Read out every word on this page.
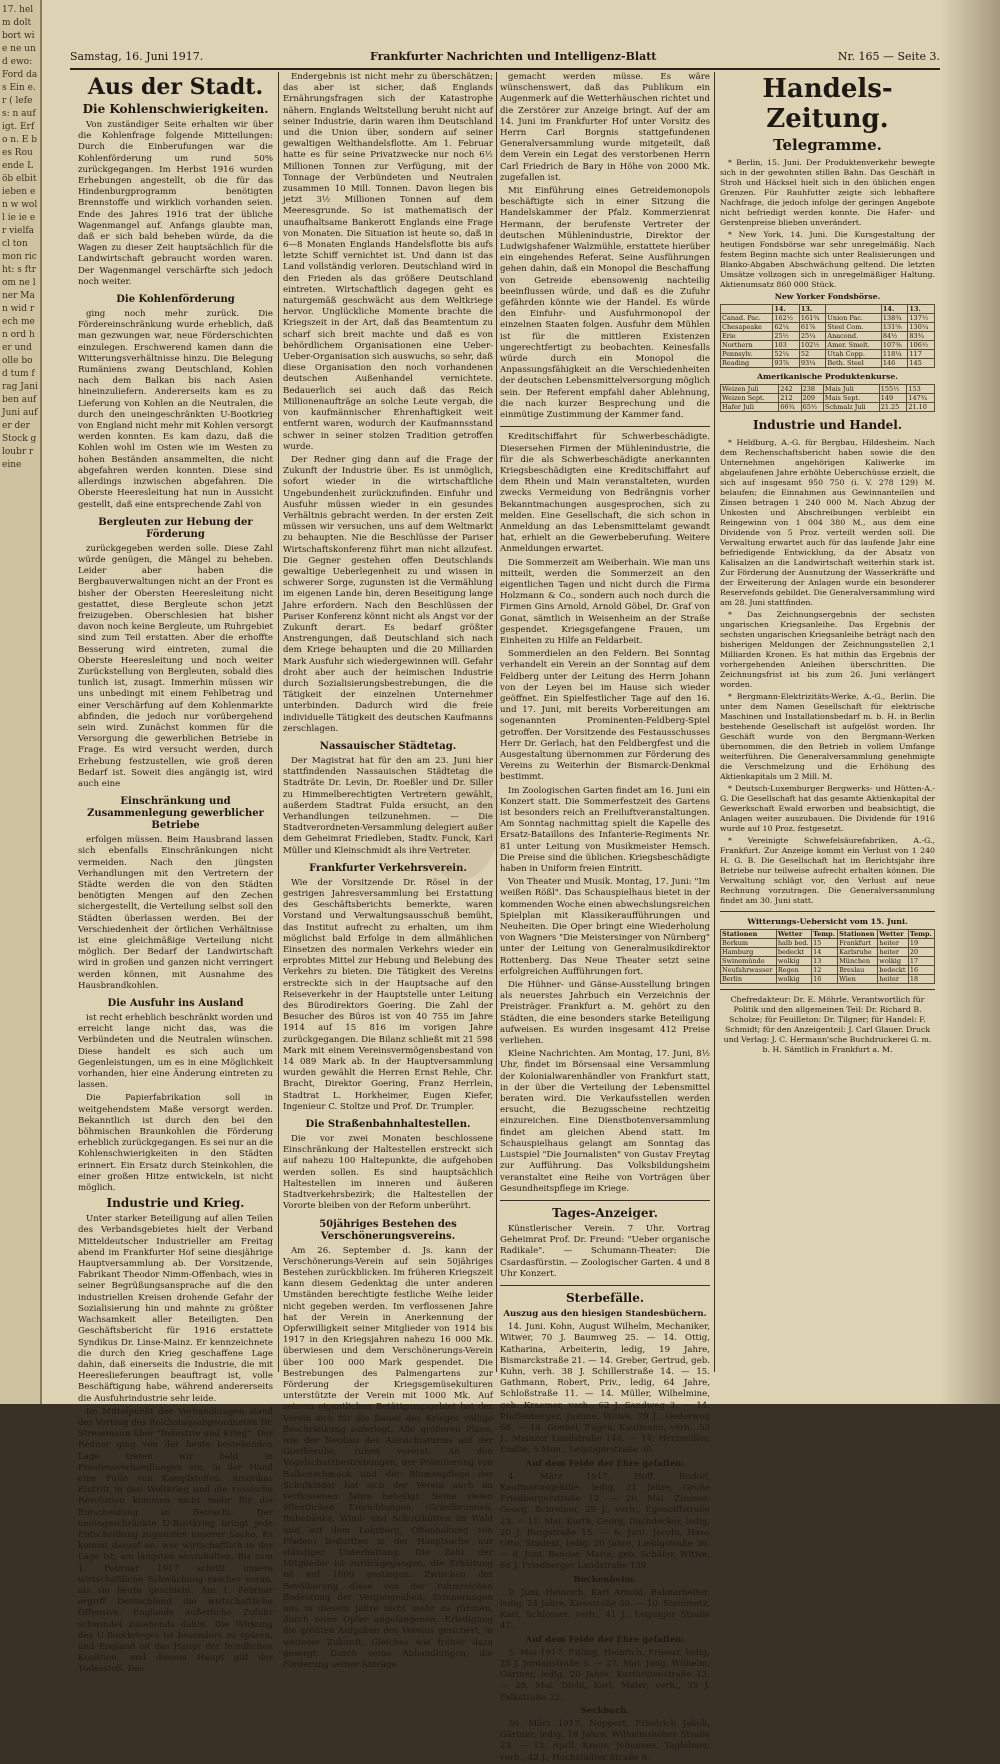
17. helm dolt bort wie ne und ewo: Ford das Ein e. r ( lefes: n auf igt. Erfo n. E bes Rou ende Löb elbit ieben en w wol l ie ie er vielfacl ton mon richt: s ftrom ne l ner Man wid rech men ord her und olle bod tum frag Jani ben auf Juni auf er der Stock gloubr reine

Samstag, 16. Juni 1917.	Frankfurter Nachrichten und Intelligenz-Blatt	Nr. 165 — Seite 3.
Aus der Stadt.
Die Kohlenschwierigkeiten.

Von zuständiger Seite erhalten wir über die Kohlenfrage folgende Mitteilungen: Durch die Einberufungen war die Kohlenförderung um rund 50% zurückgegangen. Im Herbst 1916 wurden Erhebungen angestellt, ob die für das Hindenburgprogramm benötigten Brennstoffe und wirklich vorhanden seien. Ende des Jahres 1916 trat der übliche Wagenmangel auf. Anfangs glaubte man, daß er sich bald beheben würde, da die Wagen zu dieser Zeit hauptsächlich für die Landwirtschaft gebraucht worden waren. Der Wagenmangel verschärfte sich jedoch noch weiter.

Die Kohlenförderung

ging noch mehr zurück. Die Fördereinschränkung wurde erheblich, daß man gezwungen war, neue Förderschichten einzulegen. Erschwerend kamen dann die Witterungsverhältnisse hinzu. Die Belegung Rumäniens zwang Deutschland, Kohlen nach dem Balkan bis nach Asien hineinzuliefern. Andererseits kam es zu Lieferung von Kohlen an die Neutralen, die durch den uneingeschränkten U-Bootkrieg von England nicht mehr mit Kohlen versorgt werden konnten. Es kam dazu, daß die Kohlen wohl im Osten wie im Westen zu hohen Beständen ansammelten, die nicht abgefahren werden konnten. Diese sind allerdings inzwischen abgefahren. Die Oberste Heeresleitung hat nun in Aussicht gestellt, daß eine entsprechende Zahl von

Bergleuten zur Hebung der Förderung

zurückgegeben werden solle. Diese Zahl würde genügen, die Mängel zu beheben. Leider aber haben die Bergbauverwaltungen nicht an der Front es bisher der Obersten Heeresleitung nicht gestattet, diese Bergleute schon jetzt freizugeben. Oberschlesien hat bisher davon noch keine Bergleute, um Ruhrgebiet sind zum Teil erstatten. Aber die erhoffte Besserung wird eintreten, zumal die Oberste Heeresleitung und noch weiter Zurückstellung von Bergleuten, sobald dies tunlich ist, zusagt. Immerhin müssen wir uns unbedingt mit einem Fehlbetrag und einer Verschärfung auf dem Kohlenmarkte abfinden, die jedoch nur vorübergehend sein wird. Zunächst kommen für die Versorgung die gewerblichen Betriebe in Frage. Es wird versucht werden, durch Erhebung festzustellen, wie groß deren Bedarf ist. Soweit dies angängig ist, wird auch eine

Einschränkung und Zusammenlegung gewerblicher Betriebe

erfolgen müssen. Beim Hausbrand lassen sich ebenfalls Einschränkungen nicht vermeiden. Nach den jüngsten Verhandlungen mit den Vertretern der Städte werden die von den Städten benötigten Mengen auf den Zechen sichergestellt, die Verteilung selbst soll den Städten überlassen werden. Bei der Verschiedenheit der örtlichen Verhältnisse ist eine gleichmäßige Verteilung nicht möglich. Der Bedarf der Landwirtschaft wird in großen und ganzen nicht verringert werden können, mit Ausnahme des Hausbrandkohlen.

Die Ausfuhr ins Ausland

ist recht erheblich beschränkt worden und erreicht lange nicht das, was die Verbündeten und die Neutralen wünschen. Diese handelt es sich auch um Gegenleistungen, um es in eine Möglichkeit vorhanden, hier eine Änderung eintreten zu lassen.

Die Papierfabrikation soll in weitgehendstem Maße versorgt werden. Bekanntlich ist durch den bei den böhmischen Braunkohlen die Förderung erheblich zurückgegangen. Es sei nur an die Kohlenschwierigkeiten in den Städten erinnert. Ein Ersatz durch Steinkohlen, die einer großen Hitze entwickeln, ist nicht möglich.

Industrie und Krieg.

Unter starker Beteiligung auf allen Teilen des Verbandsgebietes hielt der Verband Mitteldeutscher Industrieller am Freitag abend im Frankfurter Hof seine diesjährige Hauptversammlung ab. Der Vorsitzende, Fabrikant Theodor Nimm-Offenbach, wies in seiner Begrüßungsansprache auf die den industriellen Kreisen drohende Gefahr der Sozialisierung hin und mahnte zu größter Wachsamkeit aller Beteiligten. Den Geschäftsbericht für 1916 erstattete Syndikus Dr. Linse-Mainz. Er kennzeichnete die durch den Krieg geschaffene Lage dahin, daß einerseits die Industrie, die mit Heereslieferungen beauftragt ist, volle Beschäftigung habe, während andererseits die Ausfuhrindustrie sehr leide.

Im Mittelpunkt der Verhandlungen stand der Vortrag des Reichstagsabgeordneten Dr. Stresemann über "Industrie und Krieg". Der Redner ging von der heute bestehenden Lage treten wir bald in Friedensverhandlungen ein, in der Hand eine Fülle von Kampfstoffen. Amerikas Eintritt in den Weltkrieg und die russische Revolution kommen nicht mehr für die Entscheidung in Betracht. Der uneingeschränkte U-Bootkrieg bringt jede Entscheidung zugunsten unserer Sache. Es kommt darauf an, wer wirtschaftlich in der Lage ist, am längsten auszuhalten. Bis zum 1. Februar 1917 schritt unsere wirtschaftliche Schwächung rascher voran, als sie heute geschieht. Am 1. Februar ergriff Deutschland die wirtschaftliche Offensive. Englands äußerliche Zufuhr schwindet zusehends dahin. Die Wirkung des U-Bootkrieges ist besonders zu spüren, und England ist das Haupt der feindlichen Koalition, und diesem Haupt gilt der Todesstoß. Das

Endergebnis ist nicht mehr zu überschätzen; das aber ist sicher, daß Englands Ernährungsfragen sich der Katastrophe nähern. Englands Weltstellung beruht nicht auf seiner Industrie, darin waren ihm Deutschland und die Union über, sondern auf seiner gewaltigen Welthandelsflotte. Am 1. Februar hatte es für seine Privatzwecke nur noch 6½ Millionen Tonnen zur Verfügung, mit der Tonnage der Verbündeten und Neutralen zusammen 10 Mill. Tonnen. Davon liegen bis jetzt 3½ Millionen Tonnen auf dem Meeresgrunde. So ist mathematisch der unaufhaltsame Bankerott Englands eine Frage von Monaten. Die Situation ist heute so, daß in 6—8 Monaten Englands Handelsflotte bis aufs letzte Schiff vernichtet ist. Und dann ist das Land vollständig verloren. Deutschland wird in den Frieden als das größere Deutschland eintreten. Wirtschaftlich dagegen geht es naturgemäß geschwächt aus dem Weltkriege hervor. Unglückliche Momente brachte die Kriegszeit in der Art, daß das Beamtentum zu scharf sich breit machte und daß es von behördlichem Organisationen eine Ueber-Ueber-Organisation sich auswuchs, so sehr, daß diese Organisation den noch vorhandenen deutschen Außenhandel vernichtete. Bedauerlich sei auch daß das Reich Millionenaufträge an solche Leute vergab, die von kaufmännischer Ehrenhaftigkeit weit entfernt waren, wodurch der Kaufmannsstand schwer in seiner stolzen Tradition getroffen wurde.

Der Redner ging dann auf die Frage der Zukunft der Industrie über. Es ist unmöglich, sofort wieder in die wirtschaftliche Ungebundenheit zurückzufinden. Einfuhr und Ausfuhr müssen wieder in ein gesundes Verhältnis gebracht werden. In der ersten Zeit müssen wir versuchen, uns auf dem Weltmarkt zu behaupten. Nie die Beschlüsse der Pariser Wirtschaftskonferenz führt man nicht allzufest. Die Gegner gestehen offen Deutschlands gewaltige Ueberlegenheit zu und wissen in schwerer Sorge, zugunsten ist die Vermählung im eigenen Lande bin, deren Beseitigung lange Jahre erfordern. Nach den Beschlüssen der Pariser Konferenz könnt nicht als Angst vor der Zukunft derart. Es bedarf größter Anstrengungen, daß Deutschland sich nach dem Kriege behaupten und die 20 Milliarden Mark Ausfuhr sich wiedergewinnen will. Gefahr droht aber auch der heimischen Industrie durch Sozialisierungsbestrebungen, die die Tätigkeit der einzelnen Unternehmer unterbinden. Dadurch wird die freie individuelle Tätigkeit des deutschen Kaufmanns zerschlagen.

Nassauischer Städtetag.

Der Magistrat hat für den am 23. Juni hier stattfindenden Nassauischen Städtetag die Stadträte Dr. Levin, Dr. Roeßler und Dr. Siller zu Himmelberechtigten Vertretern gewählt, außerdem Stadtrat Fulda ersucht, an den Verhandlungen teilzunehmen. — Die Stadtverordneten-Versammlung delegiert außer dem Geheimrat Friedleben, Stadtv. Funck, Karl Müller und Kleinschmidt als ihre Vertreter.

Frankfurter Verkehrsverein.

Wie der Vorsitzende Dr. Rösel in der gestrigen Jahresversammlung bei Erstattung des Geschäftsberichts bemerkte, waren Vorstand und Verwaltungsausschuß bemüht, das Institut aufrecht zu erhalten, um ihm möglichst bald Erfolge in dem allmählichen Einsetzen des normalen Verkehrs wieder ein erprobtes Mittel zur Hebung und Belebung des Verkehrs zu bieten. Die Tätigkeit des Vereins erstreckte sich in der Hauptsache auf den Reiseverkehr in der Hauptstelle unter Leitung des Bürodirektors Goering. Die Zahl der Besucher des Büros ist von 40 755 im Jahre 1914 auf 15 816 im vorigen Jahre zurückgegangen. Die Bilanz schließt mit 21 598 Mark mit einem Vereinsvermögensbestand von 14 089 Mark ab. In der Hauptversammlung wurden gewählt die Herren Ernst Rehle, Chr. Bracht, Direktor Goering, Franz Herrlein, Stadtrat L. Horkheimer, Eugen Kiefer, Ingenieur C. Stoltze und Prof. Dr. Trumpler.

Die Straßenbahnhaltestellen.

Die vor zwei Monaten beschlossene Einschränkung der Haltestellen erstreckt sich auf nahezu 100 Haltepunkte, die aufgehoben werden sollen. Es sind hauptsächlich Haltestellen im inneren und äußeren Stadtverkehrsbezirk; die Haltestellen der Vororte bleiben von der Reform unberührt.

50jähriges Bestehen des Verschönerungsvereins.

Am 26. September d. Js. kann der Verschönerungs-Verein auf sein 50jähriges Bestehen zurückblicken. Im früheren Kriegszeit kann diesem Gedenktag die unter anderen Umständen berechtigte festliche Weihe leider nicht gegeben werden. Im verflossenen Jahre hat der Verein in Anerkennung der Opferwilligkeit seiner Mitglieder von 1914 bis 1917 in den Kriegsjahren nahezu 16 000 Mk. überwiesen und dem Verschönerungs-Verein über 100 000 Mark gespendet. Die Bestrebungen des Palmengartens zur Förderung der Kriegsgemüsekulturen unterstützte der Verein mit 1000 Mk. Auf seinem eigentlichen Betätigungsgebiet hat der Verein sich für die Dauer des Krieges völlige Beschränkung auferlegt. Alle größeren Pläne, wie der Neubau des Aussichtsturms auf der Goetheruhe, ruhen vorerst. An den Vogelschutzbestrebungen, der Prämiierung von Balkonschmuck und der Blumenpflege der Schulkinder hat sich der Verein auch im verflossenen Jahre beteiligt. Seine vielen öffentlichen Einrichtungen (Grindbrunnen, Ruhebänke, Wind- und Schutzhütten im Wald und auf dem Lohrberg, Offenhaltung von Pfaden) bedurften in der Hauptsache nur ständiger Unterhaltung. Die Zahl der Mitglieder ist zurückgegangen, die Erkältung ist auf 1000 gestiegen. Zwischen der Bevölkerung diese von der ruhmreichen Bedeutung der Vergangenheit, Erinnerungen uns in diesem Jahre nicht mehr zu rühmen, durch seine Opfer angefangenen. Erledigung die größten Aufgaben des Vereins gesichert, in weiterer Zukunft, Gleiches wie früher dazu gesorgt. Durch seine Abhandlungen, die Förderung seiner Anträge

gemacht werden müsse. Es wäre wünschenswert, daß das Publikum ein Augenmerk auf die Wetterhäuschen richtet und die Zerstörer zur Anzeige bringt. Auf der am 14. Juni im Frankfurter Hof unter Vorsitz des Herrn Carl Borgnis stattgefundenen Generalversammlung wurde mitgeteilt, daß dem Verein ein Legat des verstorbenen Herrn Carl Friedrich de Bary in Höhe von 2000 Mk. zugefallen ist.

Mit Einführung eines Getreidemonopols beschäftigte sich in einer Sitzung die Handelskammer der Pfalz. Kommerzienrat Hermann, der berufenste Vertreter der deutschen Mühlenindustrie, Direktor der Ludwigshafener Walzmühle, erstattete hierüber ein eingehendes Referat. Seine Ausführungen gehen dahin, daß ein Monopol die Beschaffung von Getreide ebensowenig nachteilig beeinflussen würde, und daß es die Zufuhr gefährden könnte wie der Handel. Es würde den Einfuhr- und Ausfuhrmonopol der einzelnen Staaten folgen. Ausfuhr dem Mühlen ist für die mittleren Existenzen ungerechtfertigt zu beobachten. Keinesfalls würde durch ein Monopol die Anpassungsfähigkeit an die Verschiedenheiten der deutschen Lebensmittelversorgung möglich sein. Der Referent empfahl daher Ablehnung, die nach kurzer Besprechung und die einmütige Zustimmung der Kammer fand.

Kreditschiffahrt für Schwerbeschädigte. Diesersehen Firmen der Mühlenindustrie, die für die als Schwerbeschädigte anerkannten Kriegsbeschädigten eine Kreditschiffahrt auf dem Rhein und Main veranstalteten, wurden zwecks Vermeidung von Bedrängnis vorher Bekanntmachungen ausgesprochen, sich zu melden. Eine Gesellschaft, die sich schon in Anmeldung an das Lebensmittelamt gewandt hat, erhielt an die Gewerbeberufung. Weitere Anmeldungen erwartet.

Die Sommerzeit am Weiberhain. Wie man uns mitteilt, werden die Sommerzeit an den eigentlichen Tagen und nicht durch die Firma Holzmann & Co., sondern auch noch durch die Firmen Gins Arnold, Arnold Göbel, Dr. Graf von Gonat, sämtlich in Weisenheim an der Straße gespendet. Kriegsgefangene Frauen, um Einheiten zu Hilfe an Feldarbeit.

Sommerdielen an den Feldern. Bei Sonntag verhandelt ein Verein an der Sonntag auf dem Feldberg unter der Leitung des Herrn Johann von der Leyen bei im Hause sich wieder geöffnet. Ein Spielfestlicher Tage auf den 16. und 17. Juni, mit bereits Vorbereitungen am sogenannten Prominenten-Feldberg-Spiel getroffen. Der Vorsitzende des Festausschusses Herr Dr. Gerlach, hat den Feldbergfest und die Ausgestaltung übernommen zur Förderung des Vereins zu Weiterhin der Bismarck-Denkmal bestimmt.

Im Zoologischen Garten findet am 16. Juni ein Konzert statt. Die Sommerfestzeit des Gartens ist besonders reich an Freiluftveranstaltungen. Am Sonntag nachmittag spielt die Kapelle des Ersatz-Bataillons des Infanterie-Regiments Nr. 81 unter Leitung von Musikmeister Hemsch. Die Preise sind die üblichen. Kriegsbeschädigte haben in Uniform freien Eintritt.

Von Theater und Musik. Montag, 17. Juni: "Im weißen Rößl". Das Schauspielhaus bietet in der kommenden Woche einen abwechslungsreichen Spielplan mit Klassikeraufführungen und Neuheiten. Die Oper bringt eine Wiederholung von Wagners "Die Meistersinger von Nürnberg" unter der Leitung von Generalmusikdirektor Rottenberg. Das Neue Theater setzt seine erfolgreichen Aufführungen fort.

Die Hühner- und Gänse-Ausstellung bringen als neuerstes Jahrbuch ein Verzeichnis der Preisträger. Frankfurt a. M. gehört zu den Städten, die eine besonders starke Beteiligung aufweisen. Es wurden insgesamt 412 Preise verliehen.

Kleine Nachrichten. Am Montag, 17. Juni, 8½ Uhr, findet im Börsensaal eine Versammlung der Kolonialwarenhändler von Frankfurt statt, in der über die Verteilung der Lebensmittel beraten wird. Die Verkaufsstellen werden ersucht, die Bezugsscheine rechtzeitig einzureichen. Eine Dienstbotenversammlung findet am gleichen Abend statt. Im Schauspielhaus gelangt am Sonntag das Lustspiel "Die Journalisten" von Gustav Freytag zur Aufführung. Das Volksbildungsheim veranstaltet eine Reihe von Vorträgen über Gesundheitspflege im Kriege.

Tages-Anzeiger.

Künstlerischer Verein. 7 Uhr. Vortrag Geheimrat Prof. Dr. Freund: "Ueber organische Radikale". — Schumann-Theater: Die Csardasfürstin. — Zoologischer Garten. 4 und 8 Uhr Konzert.

Sterbefälle.

Auszug aus den hiesigen Standesbüchern.

14. Juni. Kohn, August Wilhelm, Mechaniker, Witwer, 70 J. Baumweg 25. — 14. Ottig, Katharina, Arbeiterin, ledig, 19 Jahre, Bismarckstraße 21. — 14. Greber, Gertrud, geb. Kuhn, verh. 38 J. Schillerstraße 14. — 15. Gathmann, Robert, Priv., ledig, 64 Jahre, Schloßstraße 11. — 14. Müller, Wilhelmine, geb. Kraemer, verh., 62 J. Sandweg 3. — 14. Pfaffenberger, Justine, Witwe, 79 J., Oederweg 68. — 14. Goebel, Eugen, Kaufmann, verh., 53 J., Mainzer Landstraße 148. — 14. Herzmüller, Emilie, 5 Mon., Leipzigerstraße 30.

Auf dem Felde der Ehre gefallen:

4. März 1917. Hoff, Rudolf, Kaufmannsgehilfe, ledig, 21 Jahre, Große Friedbergerstraße 12. — 20. Mai. Zimmer, Georg, Schreiner, 29 J., verh., Egenolffstraße 23. — 11. Mai. Kurth, Georg, Dachdecker, ledig, 20 J. Burgstraße 15. — 6. Juni. Jacobi, Hans Otto, Student, ledig, 20 Jahre, Liebigstraße 36. — 8. Juni. Bender, Marie, geb. Schäfer, Witwe, 68 J. Friedberger Landstraße 139.

Bockenheim.

9. Juni. Heinrich, Karl Arnold, Bahnarbeiter, ledig, 24 Jahre, Kiesstraße 30. — 10. Steinmetz, Karl, Schlosser, verh., 41 J., Leipziger Straße 47.

Auf dem Felde der Ehre gefallen:

3. Mai 1917. Eitling, Heinrich, Friseur, ledig, 25 J. Jordanstraße 5. — 27. Mai. Jung, Wilhelm, Gärtner, ledig, 20 Jahre, Kurfürstenstraße 12. — 28. Mai. Diehl, Karl, Maler, verh., 33 J. Falkstraße 22.

Seckbach.

30. März 1917. Nuppert, Friedrich Jakob, Gärtner, ledig, 18 Jahre, Wilhelmshöher Straße 23. — 12. April. Kraus, Johannes, Taglöhner, verh., 42 J., Hochstädter Straße 8.

Handels-Zeitung.
Telegramme.

* Berlin, 15. Juni. Der Produktenverkehr bewegte sich in der gewohnten stillen Bahn. Das Geschäft in Stroh und Häcksel hielt sich in den üblichen engen Grenzen. Für Rauhfutter zeigte sich lebhaftere Nachfrage, die jedoch infolge der geringen Angebote nicht befriedigt werden konnte. Die Hafer- und Gerstenpreise blieben unverändert.

* New York, 14. Juni. Die Kursgestaltung der heutigen Fondsbörse war sehr unregelmäßig. Nach festem Beginn machte sich unter Realisierungen und Blanko-Abgaben Abschwächung geltend. Die letzten Umsätze vollzogen sich in unregelmäßiger Haltung. Aktienumsatz 860 000 Stück.

New Yorker Fondsbörse.

	14.	13.		14.	13.
Canad. Pac.	162½	161¾	Union Pac.	138¾	137½
Chesapeake	62¼	61⅞	Steel Com.	131⅝	130¼
Erie	25½	25¼	Anacond.	84½	83¾
Northern	103	102½	Amer. Smelt.	107⅜	106½
Pennsylv.	52¼	52	Utah Copp.	118¼	117
Reading	93⅞	93¼	Beth. Steel	146	145

Amerikanische Produktenkurse.

Weizen Juli	242	238	Mais Juli	155½	153
Weizen Sept.	212	209	Mais Sept.	149	147¾
Hafer Juli	66¾	65½	Schmalz Juli	21.25	21.10
Industrie und Handel.

* Heldburg, A.-G. für Bergbau, Hildesheim. Nach dem Rechenschaftsbericht haben sowie die den Unternehmen angehörigen Kaliwerke im abgelaufenen Jahre erhöhte Ueberschüsse erzielt, die sich auf insgesamt 950 750 (i. V. 278 129) M. belaufen; die Einnahmen aus Gewinnanteilen und Zinsen betragen 1 240 000 M. Nach Abzug der Unkosten und Abschreibungen verbleibt ein Reingewinn von 1 004 380 M., aus dem eine Dividende von 5 Proz. verteilt werden soll. Die Verwaltung erwartet auch für das laufende Jahr eine befriedigende Entwicklung, da der Absatz von Kalisalzen an die Landwirtschaft weiterhin stark ist. Zur Förderung der Ausnutzung der Wasserkräfte und der Erweiterung der Anlagen wurde ein besonderer Reservefonds gebildet. Die Generalversammlung wird am 28. Juni stattfinden.

* Das Zeichnungsergebnis der sechsten ungarischen Kriegsanleihe. Das Ergebnis der sechsten ungarischen Kriegsanleihe beträgt nach den bisherigen Meldungen der Zeichnungsstellen 2,1 Milliarden Kronen. Es hat mithin das Ergebnis der vorhergehenden Anleihen überschritten. Die Zeichnungsfrist ist bis zum 26. Juni verlängert worden.

* Bergmann-Elektrizitäts-Werke, A.-G., Berlin. Die unter dem Namen Gesellschaft für elektrische Maschinen und Installationsbedarf m. b. H. in Berlin bestehende Gesellschaft ist aufgelöst worden. Ihr Geschäft wurde von den Bergmann-Werken übernommen, die den Betrieb in vollem Umfange weiterführen. Die Generalversammlung genehmigte die Verschmelzung und die Erhöhung des Aktienkapitals um 2 Mill. M.

* Deutsch-Luxemburger Bergwerks- und Hütten-A.-G. Die Gesellschaft hat das gesamte Aktienkapital der Gewerkschaft Ewald erworben und beabsichtigt, die Anlagen weiter auszubauen. Die Dividende für 1916 wurde auf 10 Proz. festgesetzt.

* Vereinigte Schwefelsäurefabriken, A.-G., Frankfurt. Zur Anzeige kommt ein Verlust von 1 240 H. G. B. Die Gesellschaft hat im Berichtsjahr ihre Betriebe nur teilweise aufrecht erhalten können. Die Verwaltung schlägt vor, den Verlust auf neue Rechnung vorzutragen. Die Generalversammlung findet am 30. Juni statt.

Witterungs-Uebersicht vom 15. Juni.

Stationen	Wetter	Temp.	Stationen	Wetter	Temp.
Borkum	halb bed.	15	Frankfurt	heiter	19
Hamburg	bedeckt	14	Karlsruhe	heiter	20
Swinemünde	wolkig	13	München	wolkig	17
Neufahrwasser	Regen	12	Breslau	bedeckt	16
Berlin	wolkig	16	Wien	heiter	18

Chefredakteur: Dr. E. Möhrle. Verantwortlich für Politik und den allgemeinen Teil: Dr. Richard B. Scholze; für Feuilleton: Dr. Tilgner; für Handel: F. Schmidt; für den Anzeigenteil: J. Carl Glauer. Druck und Verlag: J. C. Hermann'sche Buchdruckerei G. m. b. H. Sämtlich in Frankfurt a. M.
